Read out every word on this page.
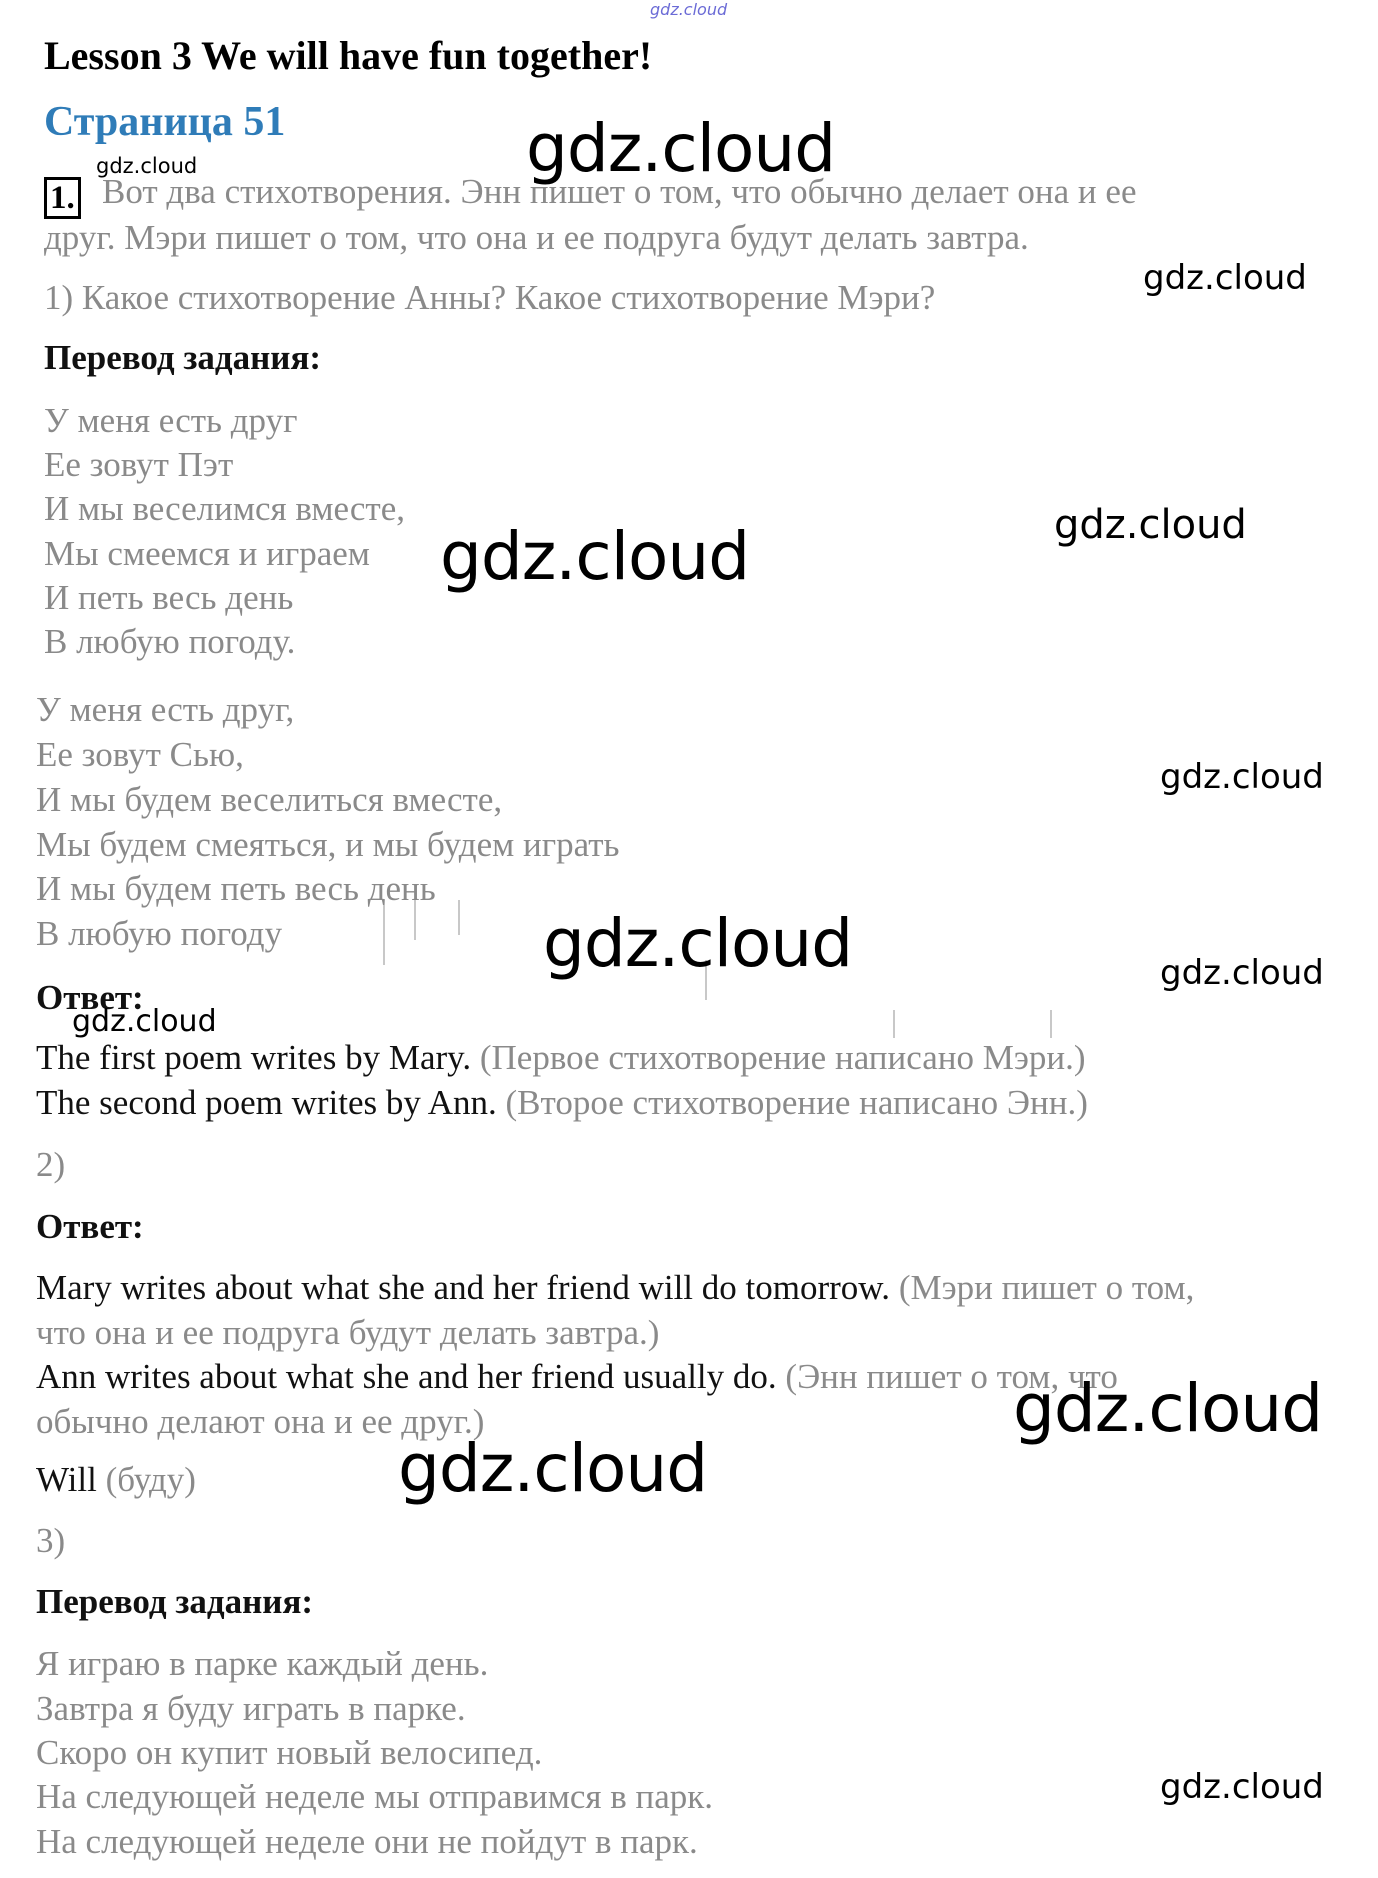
gdz.cloud
Lesson 3 We will have fun together!
Страница 51	gdz.cloud
gdz.cloud
1. Вот два стихотворения. Энн пишет о том, что обычно делает она и ее
друг. Мэри пишет о том, что она и ее подруга будут делать завтра.
gdz.cloud
1) Какое стихотворение Анны? Какое стихотворение Мэри?
Перевод задания:
У меня есть друг
Ее зовут Пэт
И мы веселимся вместе,
Мы смеемся и играем
И петь весь день
В любую погоду.
gdz.cloud	gdz.cloud
У меня есть друг,
Ее зовут Сью,
И мы будем веселиться вместе,
Мы будем смеяться, и мы будем играть
И мы будем петь весь день
В любую погоду
gdz.cloud
gdz.cloud	gdz.cloud
Ответ:
gdz.cloud
The first poem writes by Mary. (Первое стихотворение написано Мэри.)
The second poem writes by Ann. (Второе стихотворение написано Энн.)
2)
Ответ:
Mary writes about what she and her friend will do tomorrow. (Мэри пишет о том,
что она и ее подруга будут делать завтра.)
Ann writes about what she and her friend usually do. (Энн пишет о том, что
обычно делают она и ее друг.)	gdz.cloud
Will (буду)	gdz.cloud
3)
Перевод задания:
Я играю в парке каждый день.
Завтра я буду играть в парке.
Скоро он купит новый велосипед.
На следующей неделе мы отправимся в парк.
На следующей неделе они не пойдут в парк.
gdz.cloud
